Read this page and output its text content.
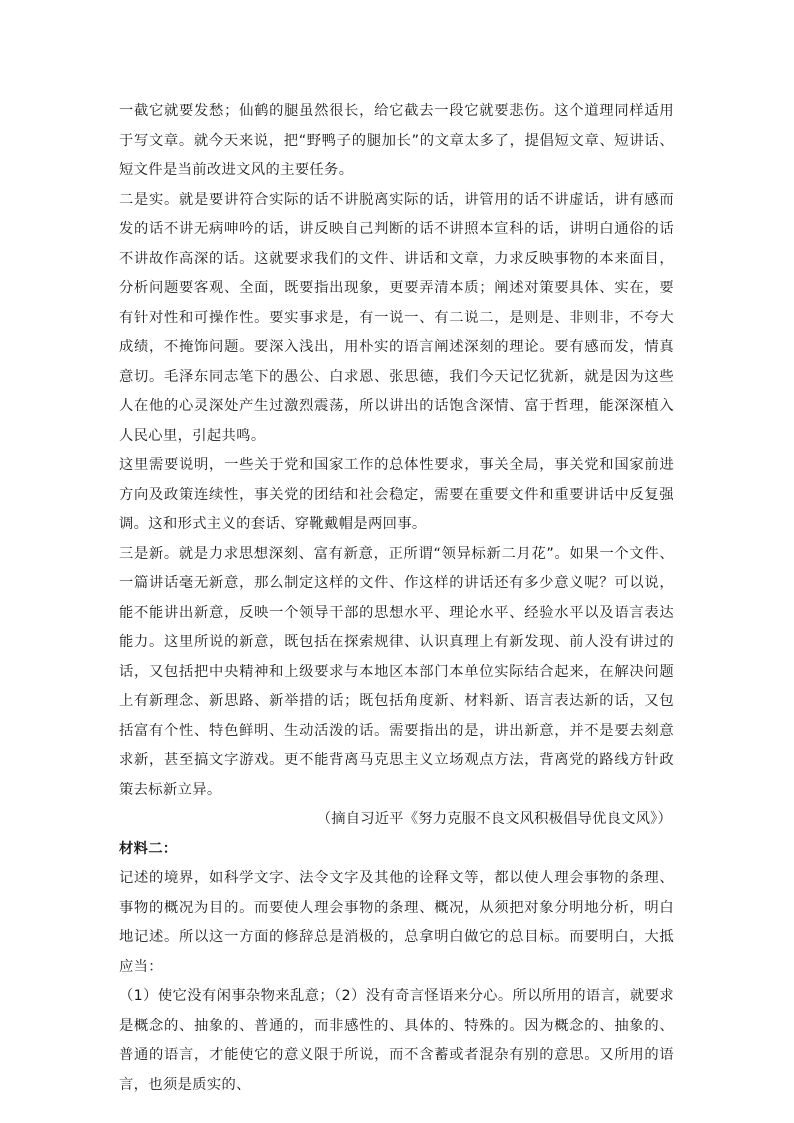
一截它就要发愁；仙鹤的腿虽然很长，给它截去一段它就要悲伤。这个道理同样适用于写文章。就今天来说，把“野鸭子的腿加长”的文章太多了，提倡短文章、短讲话、短文件是当前改进文风的主要任务。

二是实。就是要讲符合实际的话不讲脱离实际的话，讲管用的话不讲虚话，讲有感而发的话不讲无病呻吟的话，讲反映自己判断的话不讲照本宣科的话，讲明白通俗的话不讲故作高深的话。这就要求我们的文件、讲话和文章，力求反映事物的本来面目，分析问题要客观、全面，既要指出现象，更要弄清本质；阐述对策要具体、实在，要有针对性和可操作性。要实事求是，有一说一、有二说二，是则是、非则非，不夸大成绩，不掩饰问题。要深入浅出，用朴实的语言阐述深刻的理论。要有感而发，情真意切。毛泽东同志笔下的愚公、白求恩、张思德，我们今天记忆犹新，就是因为这些人在他的心灵深处产生过激烈震荡，所以讲出的话饱含深情、富于哲理，能深深植入人民心里，引起共鸣。

这里需要说明，一些关于党和国家工作的总体性要求，事关全局，事关党和国家前进方向及政策连续性，事关党的团结和社会稳定，需要在重要文件和重要讲话中反复强调。这和形式主义的套话、穿靴戴帽是两回事。

三是新。就是力求思想深刻、富有新意，正所谓“领异标新二月花”。如果一个文件、一篇讲话毫无新意，那么制定这样的文件、作这样的讲话还有多少意义呢？可以说，能不能讲出新意，反映一个领导干部的思想水平、理论水平、经验水平以及语言表达能力。这里所说的新意，既包括在探索规律、认识真理上有新发现、前人没有讲过的话，又包括把中央精神和上级要求与本地区本部门本单位实际结合起来，在解决问题上有新理念、新思路、新举措的话；既包括角度新、材料新、语言表达新的话，又包括富有个性、特色鲜明、生动活泼的话。需要指出的是，讲出新意，并不是要去刻意求新，甚至搞文字游戏。更不能背离马克思主义立场观点方法，背离党的路线方针政策去标新立异。

（摘自习近平《努力克服不良文风积极倡导优良文风》）

材料二：

记述的境界，如科学文字、法令文字及其他的诠释文等，都以使人理会事物的条理、事物的概况为目的。而要使人理会事物的条理、概况，从须把对象分明地分析，明白地记述。所以这一方面的修辞总是消极的，总拿明白做它的总目标。而要明白，大抵应当：

（1）使它没有闲事杂物来乱意；（2）没有奇言怪语来分心。所以所用的语言，就要求是概念的、抽象的、普通的，而非感性的、具体的、特殊的。因为概念的、抽象的、普通的语言，才能使它的意义限于所说，而不含蓄或者混杂有别的意思。又所用的语言，也须是质实的、
